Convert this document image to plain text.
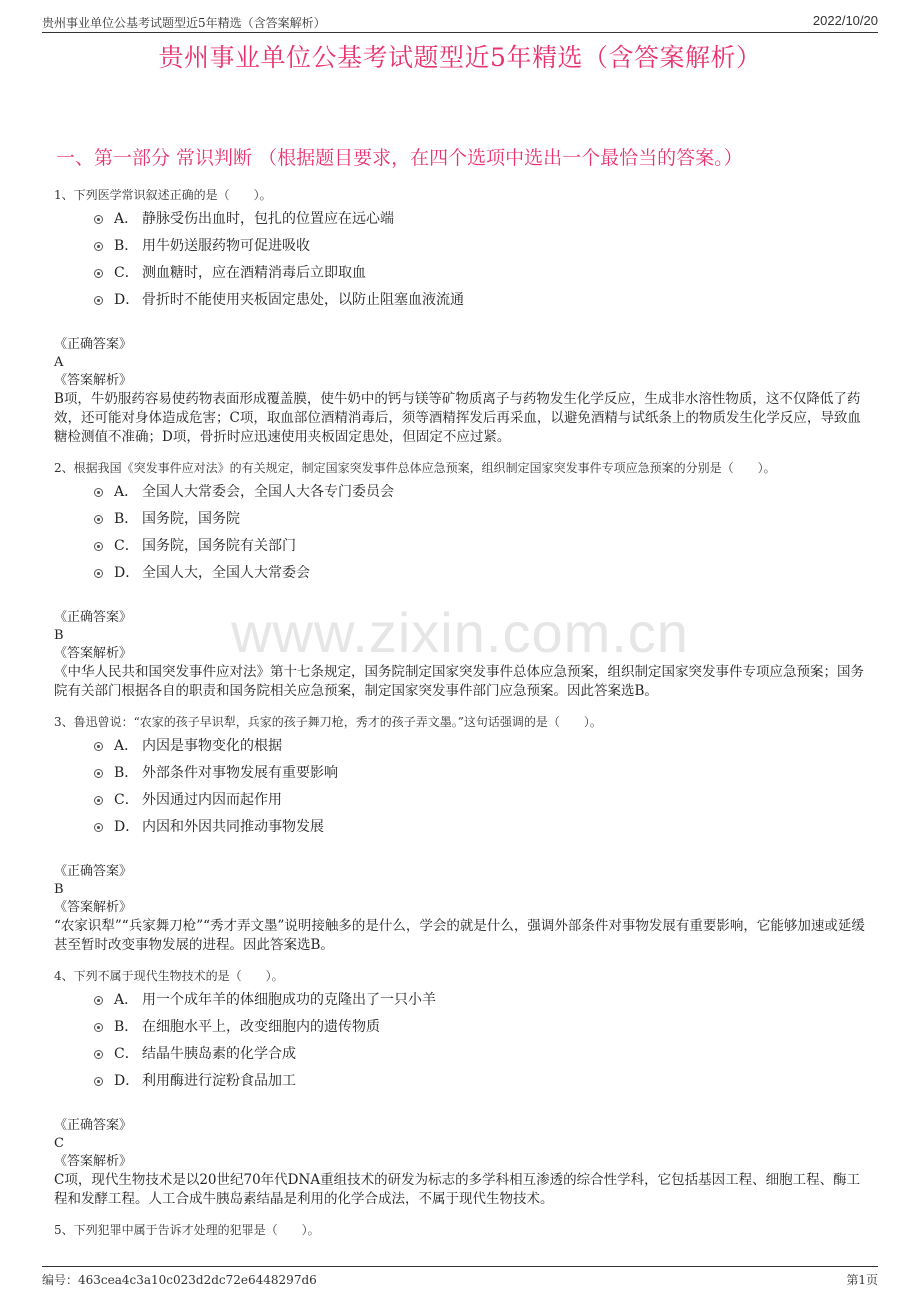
贵州事业单位公基考试题型近5年精选（含答案解析）	2022/10/20
贵州事业单位公基考试题型近5年精选（含答案解析）
一、第一部分 常识判断 （根据题目要求，在四个选项中选出一个最恰当的答案。）
www.zixin.com.cn
1、下列医学常识叙述正确的是（　　）。
A． 静脉受伤出血时，包扎的位置应在远心端
B． 用牛奶送服药物可促进吸收
C． 测血糖时，应在酒精消毒后立即取血
D． 骨折时不能使用夹板固定患处，以防止阻塞血液流通
《正确答案》
A
《答案解析》
B项，牛奶服药容易使药物表面形成覆盖膜，使牛奶中的钙与镁等矿物质离子与药物发生化学反应，生成非水溶性物质，这不仅降低了药效，还可能对身体造成危害；C项，取血部位酒精消毒后，须等酒精挥发后再采血，以避免酒精与试纸条上的物质发生化学反应，导致血糖检测值不准确；D项，骨折时应迅速使用夹板固定患处，但固定不应过紧。
2、根据我国《突发事件应对法》的有关规定，制定国家突发事件总体应急预案，组织制定国家突发事件专项应急预案的分别是（　　）。
A． 全国人大常委会，全国人大各专门委员会
B． 国务院，国务院
C． 国务院，国务院有关部门
D． 全国人大，全国人大常委会
《正确答案》
B
《答案解析》
《中华人民共和国突发事件应对法》第十七条规定，国务院制定国家突发事件总体应急预案，组织制定国家突发事件专项应急预案；国务院有关部门根据各自的职责和国务院相关应急预案，制定国家突发事件部门应急预案。因此答案选B。
3、鲁迅曾说：“农家的孩子早识犁，兵家的孩子舞刀枪，秀才的孩子弄文墨。”这句话强调的是（　　）。
A． 内因是事物变化的根据
B． 外部条件对事物发展有重要影响
C． 外因通过内因而起作用
D． 内因和外因共同推动事物发展
《正确答案》
B
《答案解析》
“农家识犁”“兵家舞刀枪”“秀才弄文墨”说明接触多的是什么，学会的就是什么，强调外部条件对事物发展有重要影响，它能够加速或延缓甚至暂时改变事物发展的进程。因此答案选B。
4、下列不属于现代生物技术的是（　　）。
A． 用一个成年羊的体细胞成功的克隆出了一只小羊
B． 在细胞水平上，改变细胞内的遗传物质
C． 结晶牛胰岛素的化学合成
D． 利用酶进行淀粉食品加工
《正确答案》
C
《答案解析》
C项，现代生物技术是以20世纪70年代DNA重组技术的研发为标志的多学科相互渗透的综合性学科，它包括基因工程、细胞工程、酶工程和发酵工程。人工合成牛胰岛素结晶是利用的化学合成法，不属于现代生物技术。
5、下列犯罪中属于告诉才处理的犯罪是（　　）。
编号：463cea4c3a10c023d2dc72e6448297d6	第1页
